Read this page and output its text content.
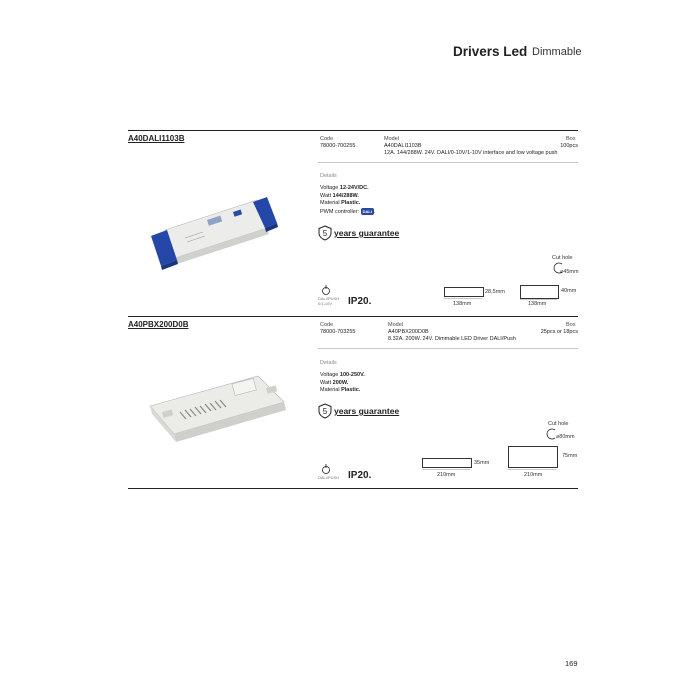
Drivers Led Dimmable
A40DALI1103B	Code
78000-700255
Model
A40DALI1103B
Box
100pcs
12A. 144/288W. 24V. DALI/0-10V/1-10V interface and low voltage push
Details
Voltage 12-24V/DC.
Watt 144/288W.
Material Plastic.
PWM controller: DALI .
5 years guarantee
Cut hole
⌀45mm
DALI/PUSH
0/1-10V	IP20.
28,5mm
138mm
40mm
138mm
A40PBX200D0B	Code
78000-703255
Model
A40PBX200D0B
Box
25pcs or 18pcs
8.32A. 200W. 24V. Dimmable LED Driver DALI/Push
Details
Voltage 100-250V.
Watt 200W.
Material Plastic.
5 years guarantee
Cut hole
⌀80mm
DALI/PUSH IP20.
35mm
210mm
75mm
210mm
169
